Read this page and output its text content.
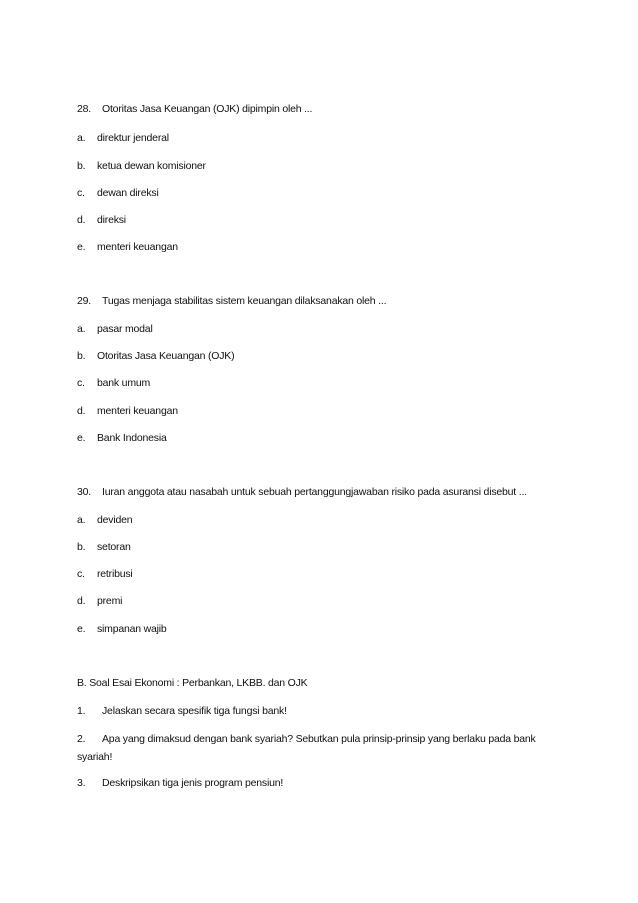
28. Otoritas Jasa Keuangan (OJK) dipimpin oleh ...
a. direktur jenderal
b. ketua dewan komisioner
c. dewan direksi
d. direksi
e. menteri keuangan
29. Tugas menjaga stabilitas sistem keuangan dilaksanakan oleh ...
a. pasar modal
b. Otoritas Jasa Keuangan (OJK)
c. bank umum
d. menteri keuangan
e. Bank Indonesia
30. Iuran anggota atau nasabah untuk sebuah pertanggungjawaban risiko pada asuransi disebut ...
a. deviden
b. setoran
c. retribusi
d. premi
e. simpanan wajib
B. Soal Esai Ekonomi : Perbankan, LKBB. dan OJK
1. Jelaskan secara spesifik tiga fungsi bank!
2. Apa yang dimaksud dengan bank syariah? Sebutkan pula prinsip-prinsip yang berlaku pada bank syariah!
3. Deskripsikan tiga jenis program pensiun!
